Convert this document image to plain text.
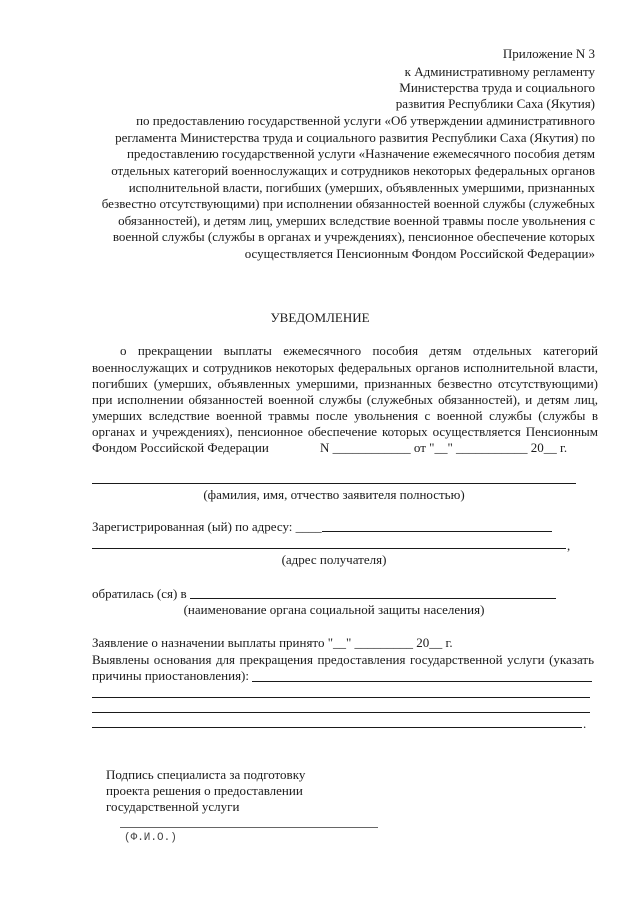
Приложение N 3
к Административному регламенту
Министерства труда и социального
развития Республики Саха (Якутия)
по предоставлению государственной услуги «Об утверждении административного
регламента Министерства труда и социального развития Республики Саха (Якутия) по
предоставлению государственной услуги «Назначение ежемесячного пособия детям
отдельных категорий военнослужащих и сотрудников некоторых федеральных органов
исполнительной власти, погибших (умерших, объявленных умершими, признанных
безвестно отсутствующими) при исполнении обязанностей военной службы (служебных
обязанностей), и детям лиц, умерших вследствие военной травмы после увольнения с
военной службы (службы в органах и учреждениях), пенсионное обеспечение которых
осуществляется Пенсионным Фондом Российской Федерации»
УВЕДОМЛЕНИЕ
о прекращении выплаты ежемесячного пособия детям отдельных категорий
военнослужащих и сотрудников некоторых федеральных органов исполнительной власти,
погибших (умерших, объявленных умершими, признанных безвестно отсутствующими)
при исполнении обязанностей военной службы (служебных обязанностей), и детям лиц,
умерших вследствие военной травмы после увольнения с военной службы (службы в
органах и учреждениях), пенсионное обеспечение которых осуществляется Пенсионным
Фондом Российской Федерации	N ____________ от "__" ___________ 20__ г.
(фамилия, имя, отчество заявителя полностью)
Зарегистрированная (ый) по адресу: ____
,
(адрес получателя)
обратилась (ся) в
(наименование органа социальной защиты населения)
Заявление о назначении выплаты принято "__" _________ 20__ г.
Выявлены основания для прекращения предоставления государственной услуги (указать
причины приостановления):
.
Подпись специалиста за подготовку
проекта решения о предоставлении
государственной услуги
(Ф.И.О.)
